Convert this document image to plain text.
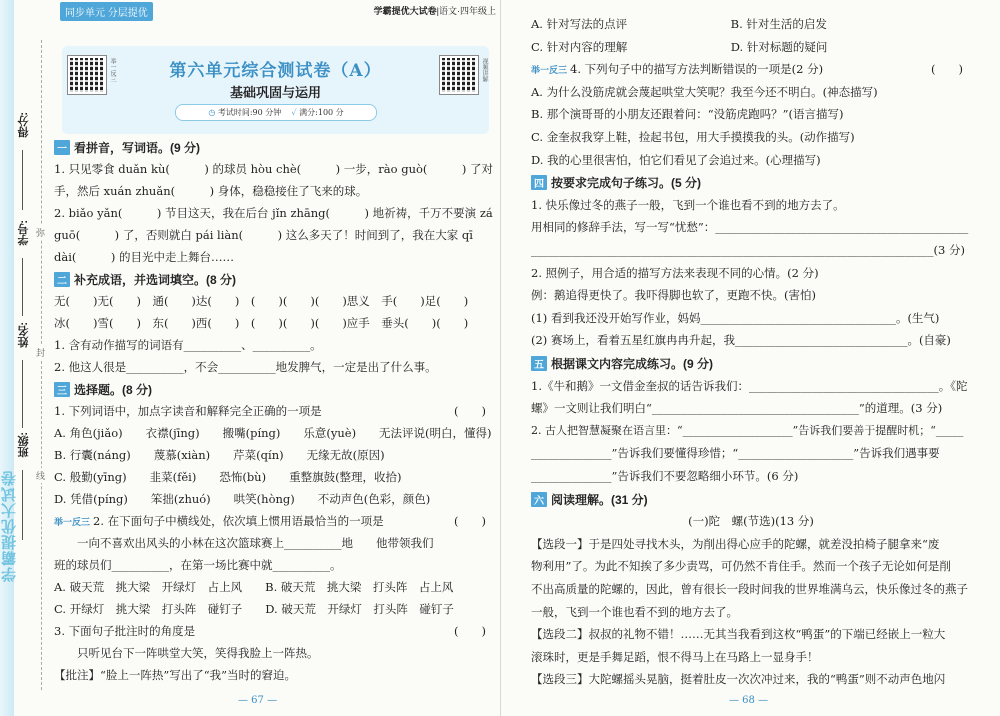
学霸提优大试卷
得分:
学号:
姓名:
班级:
弥
封
线
同步单元 分层提优	学霸提优大试卷|语文·四年级上
举一反三	视频讲解
第六单元综合测试卷（A）
基础巩固与运用
◷ 考试时间:90 分钟 ✓ 满分:100 分
一 看拼音，写词语。(9 分)
1. 只见零食 duǎn kù(　　　) 的球员 hòu chè(　　　) 一步，rào guò(　　　) 了对
手，然后 xuán zhuǎn(　　　) 身体，稳稳接住了飞来的球。
2. biǎo yǎn(　　　) 节目这天，我在后台 jǐn zhāng(　　　) 地祈祷，千万不要演 zá
guō(　　　) 了，否则就白 pái liàn(　　　) 这么多天了！时间到了，我在大家 qī
dài(　　　) 的目光中走上舞台……
二 补充成语，并选词填空。(8 分)
无(　　)无(　　)　通(　　)达(　　)　(　　)(　　)(　　)思义　手(　　)足(　　)
冰(　　)雪(　　)　东(　　)西(　　)　(　　)(　　)(　　)应手　垂头(　　)(　　)
1. 含有动作描写的词语有__________、__________。
2. 他这人很是__________，不会__________地发脾气，一定是出了什么事。
三 选择题。(8 分)
1. 下列词语中，加点字读音和解释完全正确的一项是	(　　)
A. 角色(jiǎo)　　衣襟(jīng)　　搬嘴(píng)　　乐意(yuè)　　无法评说(明白，懂得)
B. 行囊(náng)　　蔑慕(xiàn)　　芹菜(qín)　　无缘无故(原因)
C. 般勤(yīng)　　韭菜(fěi)　　恐怖(bù)　　重整旗鼓(整理，收拾)
D. 凭借(píng)　　笨拙(zhuó)　　哄笑(hòng)　　不动声色(色彩，颜色)
举一反三 2. 在下面句子中横线处，依次填上惯用语最恰当的一项是	(　　)
　　一向不喜欢出风头的小林在这次篮球赛上__________地　　他带领我们
班的球员们__________，在第一场比赛中就__________。
A. 破天荒　挑大梁　开绿灯　占上风　　B. 破天荒　挑大梁　打头阵　占上风
C. 开绿灯　挑大梁　打头阵　碰钉子　　D. 破天荒　开绿灯　打头阵　碰钉子
3. 下面句子批注时的角度是	(　　)
　　只听见台下一阵哄堂大笑，笑得我脸上一阵热。
【批注】“脸上一阵热”写出了“我”当时的窘迫。
— 67 —
A. 针对写法的点评　　　　　　　　　B. 针对生活的启发
C. 针对内容的理解　　　　　　　　　D. 针对标题的疑问
举一反三 4. 下列句子中的描写方法判断错误的一项是(2 分)	(　　)
A. 为什么没筋虎就会蔑起哄堂大笑呢？我至今还不明白。(神态描写)
B. 那个演哥哥的小朋友还跟着问：“没筋虎跑吗？”(语言描写)
C. 金奎叔我穿上鞋，捡起书包，用大手摸摸我的头。(动作描写)
D. 我的心里很害怕，怕它们看见了会追过来。(心理描写)
四 按要求完成句子练习。(5 分)
1. 快乐像过冬的燕子一般，飞到一个谁也看不到的地方去了。
用相同的修辞手法，写一写“忧愁”：____________________________________________
______________________________________________________________________(3 分)
2. 照例子，用合适的描写方法来表现不同的心情。(2 分)
例：鹅追得更快了。我吓得脚也软了，更跑不快。(害怕)
(1) 看到我还没开始写作业，妈妈__________________________________。(生气)
(2) 赛场上，看着五星红旗冉冉升起，我______________________________。(自豪)
五 根据课文内容完成练习。(9 分)
1.《牛和鹅》一文借金奎叔的话告诉我们：_________________________________。《陀
螺》一文则让我们明白“____________________________________”的道理。(3 分)
2. 古人把智慧凝聚在语言里：“____________________”告诉我们要善于提醒时机；“_____
______________”告诉我们要懂得珍惜；“____________________”告诉我们遇事要
______________”告诉我们不要忽略细小环节。(6 分)
六 阅读理解。(31 分)
(一)陀　螺(节选)(13 分)
【选段一】于是四处寻找木头，为削出得心应手的陀螺，就差没拍椅子腿拿来“废
物利用”了。为此不知挨了多少责骂，可仍然不肯住手。然而一个孩子无论如何是削
不出高质量的陀螺的，因此，曾有很长一段时间我的世界堆满乌云，快乐像过冬的燕子
一般，飞到一个谁也看不到的地方去了。
【选段二】叔叔的礼物不错！……无其当我看到这枚“鸭蛋”的下端已经嵌上一粒大
滚珠时，更是手舞足蹈，恨不得马上在马路上一显身手！
【选段三】大陀螺摇头晃脑，挺着肚皮一次次冲过来，我的“鸭蛋”则不动声色地闪
— 68 —
